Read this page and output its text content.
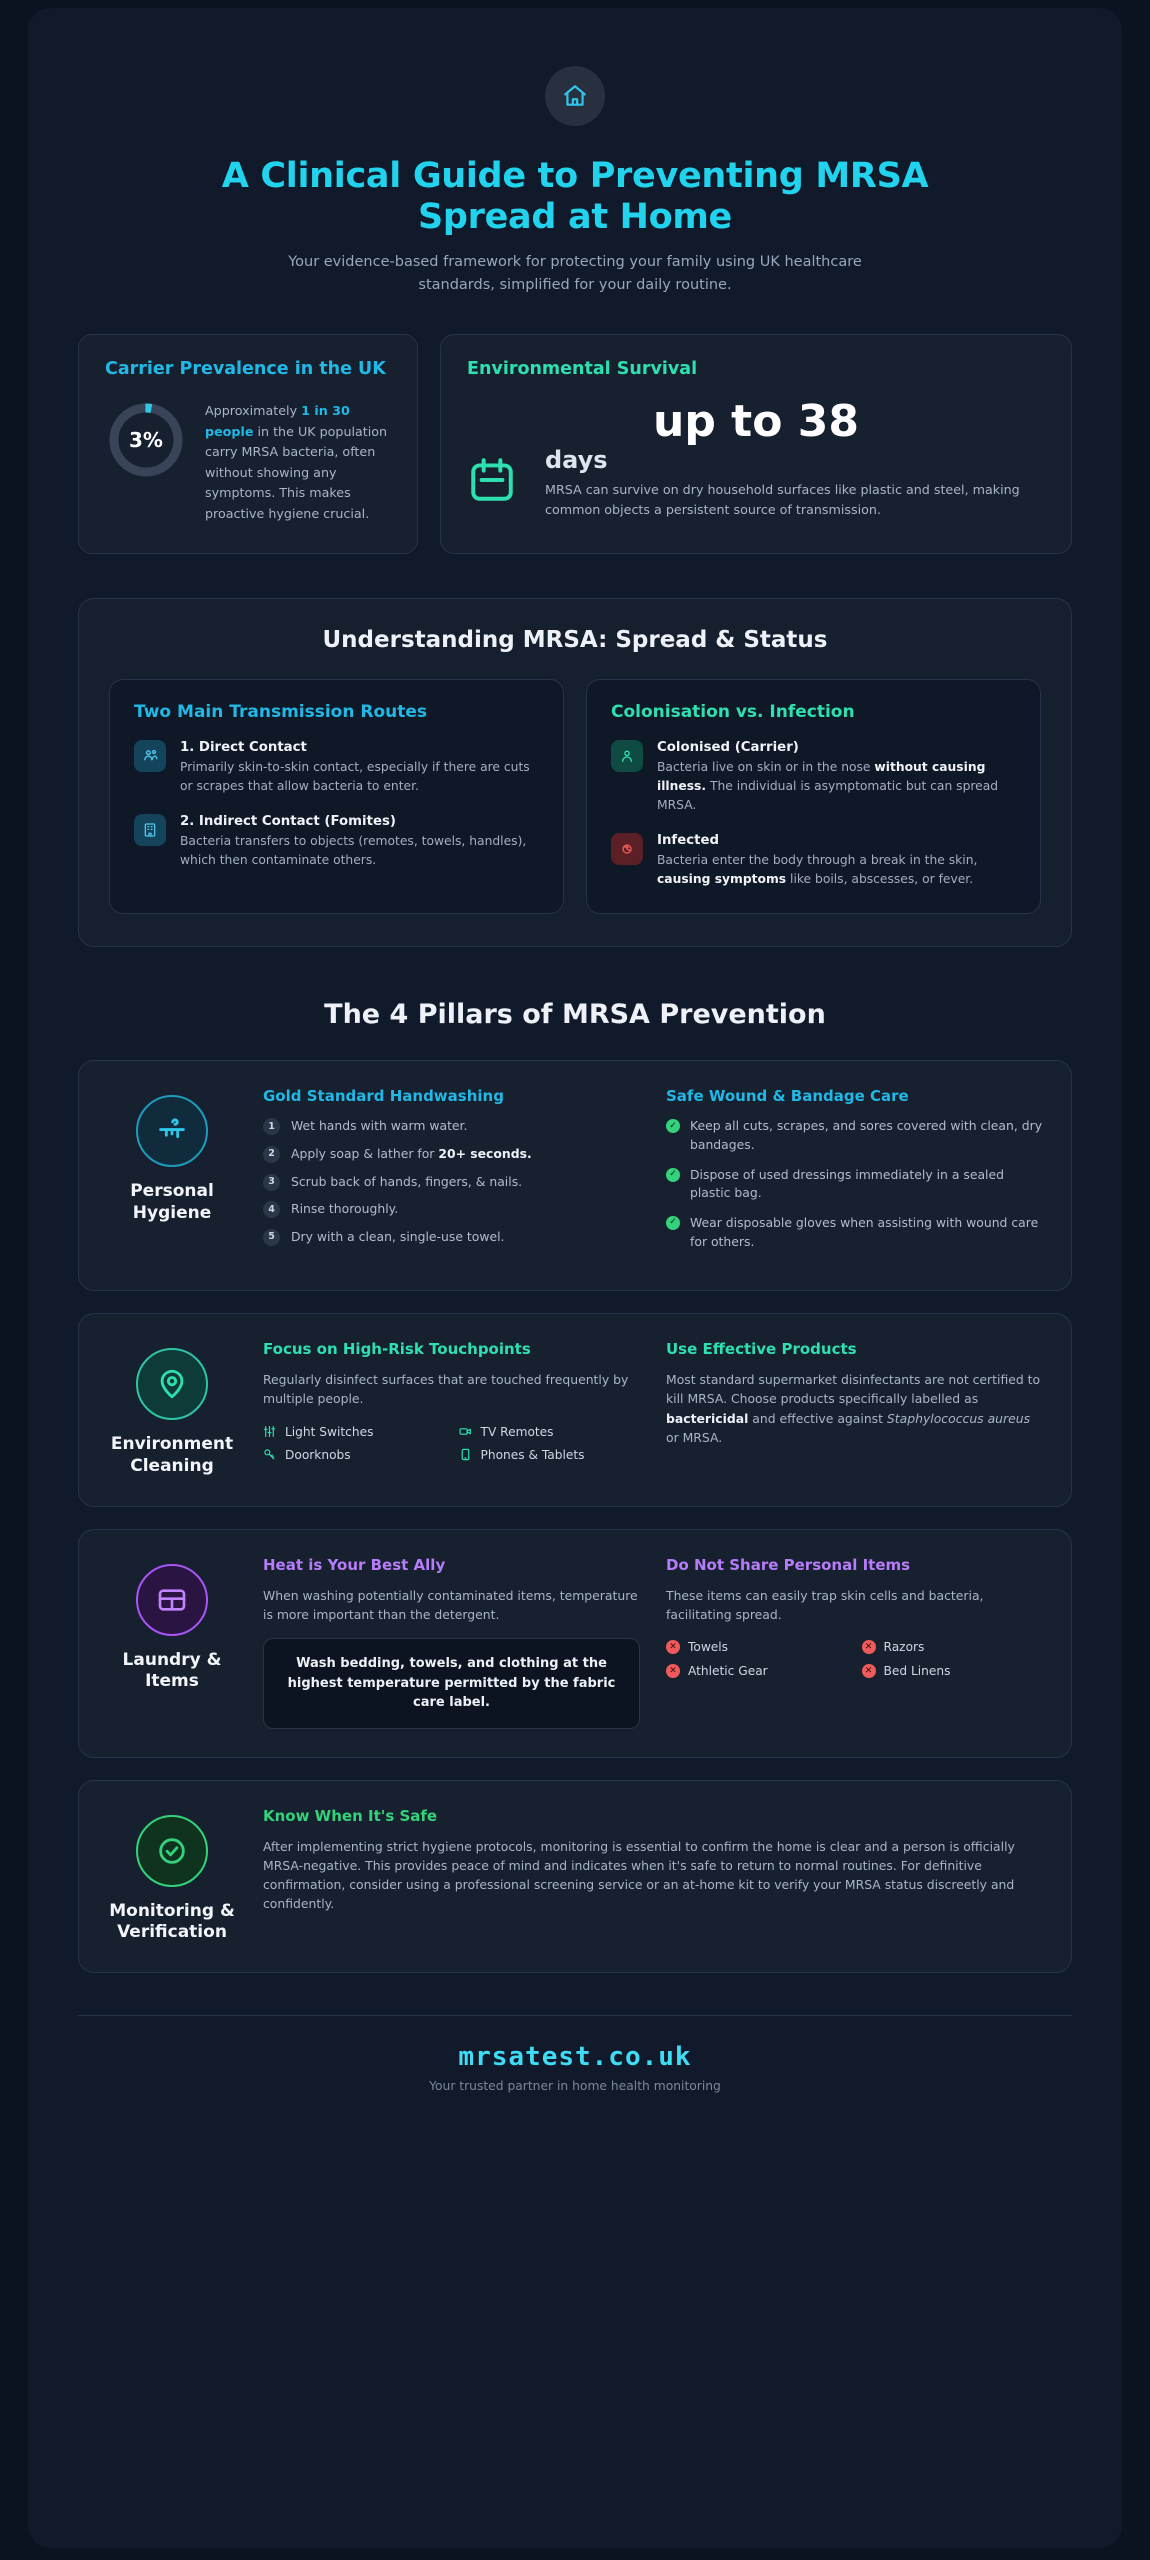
A Clinical Guide to Preventing MRSA Spread at Home

Your evidence-based framework for protecting your family using UK healthcare standards, simplified for your daily routine.

Carrier Prevalence in the UK
3%
Approximately 1 in 30 people in the UK population carry MRSA bacteria, often without showing any symptoms. This makes proactive hygiene crucial.
Environmental Survival
up to 38
days

MRSA can survive on dry household surfaces like plastic and steel, making common objects a persistent source of transmission.

Understanding MRSA: Spread & Status
Two Main Transmission Routes
1. Direct Contact
Primarily skin-to-skin contact, especially if there are cuts or scrapes that allow bacteria to enter.
2. Indirect Contact (Fomites)
Bacteria transfers to objects (remotes, towels, handles), which then contaminate others.
Colonisation vs. Infection
Colonised (Carrier)
Bacteria live on skin or in the nose without causing illness. The individual is asymptomatic but can spread MRSA.
Infected
Bacteria enter the body through a break in the skin, causing symptoms like boils, abscesses, or fever.
The 4 Pillars of MRSA Prevention
Personal Hygiene
Gold Standard Handwashing
1	Wet hands with warm water.
2	Apply soap & lather for 20+ seconds.
3	Scrub back of hands, fingers, & nails.
4	Rinse thoroughly.
5	Dry with a clean, single-use towel.
Safe Wound & Bandage Care
✓ Keep all cuts, scrapes, and sores covered with clean, dry bandages.
✓ Dispose of used dressings immediately in a sealed plastic bag.
✓ Wear disposable gloves when assisting with wound care for others.
Environment Cleaning
Focus on High-Risk Touchpoints
Regularly disinfect surfaces that are touched frequently by multiple people.
Light Switches	TV Remotes
Doorknobs	Phones & Tablets
Use Effective Products
Most standard supermarket disinfectants are not certified to kill MRSA. Choose products specifically labelled as bactericidal and effective against Staphylococcus aureus or MRSA.
Laundry & Items
Heat is Your Best Ally
When washing potentially contaminated items, temperature is more important than the detergent.
Wash bedding, towels, and clothing at the highest temperature permitted by the fabric care label.
Do Not Share Personal Items
These items can easily trap skin cells and bacteria, facilitating spread.
✕ Towels	✕ Razors
✕ Athletic Gear	✕ Bed Linens
Monitoring & Verification
Know When It's Safe
After implementing strict hygiene protocols, monitoring is essential to confirm the home is clear and a person is officially MRSA-negative. This provides peace of mind and indicates when it's safe to return to normal routines. For definitive confirmation, consider using a professional screening service or an at-home kit to verify your MRSA status discreetly and confidently.
mrsatest.co.uk
Your trusted partner in home health monitoring
